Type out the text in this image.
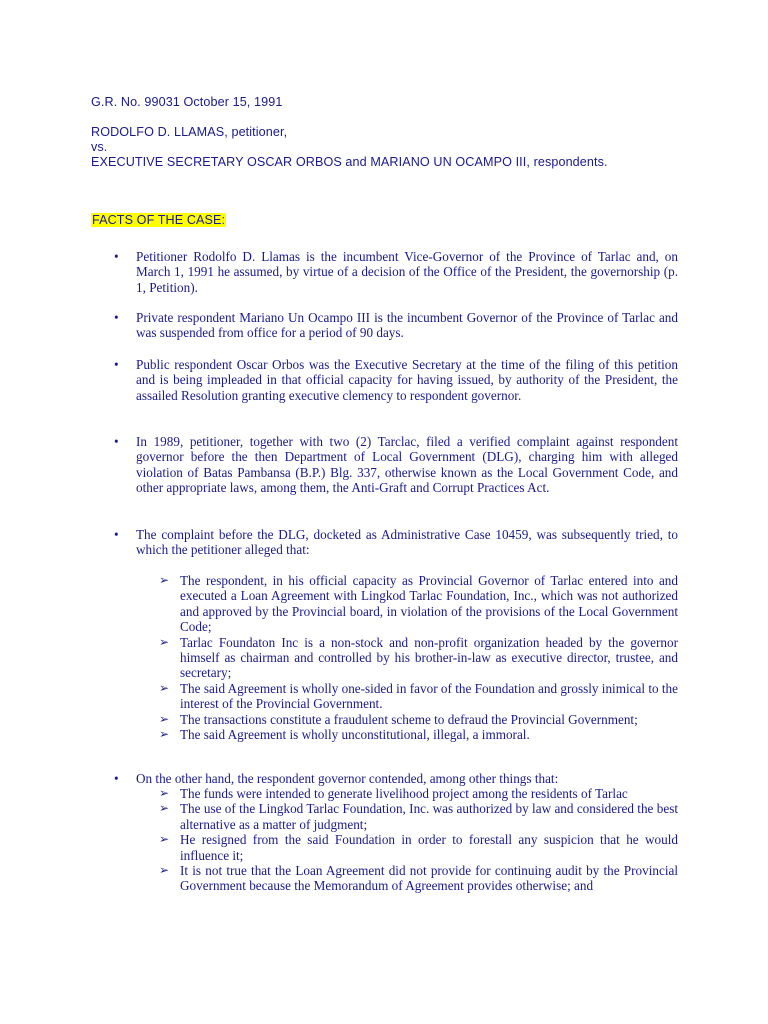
G.R. No. 99031 October 15, 1991
RODOLFO D. LLAMAS, petitioner,
vs.
EXECUTIVE SECRETARY OSCAR ORBOS and MARIANO UN OCAMPO III, respondents.
FACTS OF THE CASE:
•	Petitioner Rodolfo D. Llamas is the incumbent Vice-Governor of the Province of Tarlac and, on March 1, 1991 he assumed, by virtue of a decision of the Office of the President, the governorship (p. 1, Petition).
•	Private respondent Mariano Un Ocampo III is the incumbent Governor of the Province of Tarlac and was suspended from office for a period of 90 days.
•	Public respondent Oscar Orbos was the Executive Secretary at the time of the filing of this petition and is being impleaded in that official capacity for having issued, by authority of the President, the assailed Resolution granting executive clemency to respondent governor.
•	In 1989, petitioner, together with two (2) Tarclac, filed a verified complaint against respondent governor before the then Department of Local Government (DLG), charging him with alleged violation of Batas Pambansa (B.P.) Blg. 337, otherwise known as the Local Government Code, and other appropriate laws, among them, the Anti-Graft and Corrupt Practices Act.
•	The complaint before the DLG, docketed as Administrative Case 10459, was subsequently tried, to which the petitioner alleged that:
➢ The respondent, in his official capacity as Provincial Governor of Tarlac entered into and executed a Loan Agreement with Lingkod Tarlac Foundation, Inc., which was not authorized and approved by the Provincial board, in violation of the provisions of the Local Government Code;
➢ Tarlac Foundaton Inc is a non-stock and non-profit organization headed by the governor himself as chairman and controlled by his brother-in-law as executive director, trustee, and secretary;
➢ The said Agreement is wholly one-sided in favor of the Foundation and grossly inimical to the interest of the Provincial Government.
➢ The transactions constitute a fraudulent scheme to defraud the Provincial Government;
➢ The said Agreement is wholly unconstitutional, illegal, a immoral.
•	On the other hand, the respondent governor contended, among other things that:
➢ The funds were intended to generate livelihood project among the residents of Tarlac
➢ The use of the Lingkod Tarlac Foundation, Inc. was authorized by law and considered the best alternative as a matter of judgment;
➢ He resigned from the said Foundation in order to forestall any suspicion that he would influence it;
➢ It is not true that the Loan Agreement did not provide for continuing audit by the Provincial Government because the Memorandum of Agreement provides otherwise; and
